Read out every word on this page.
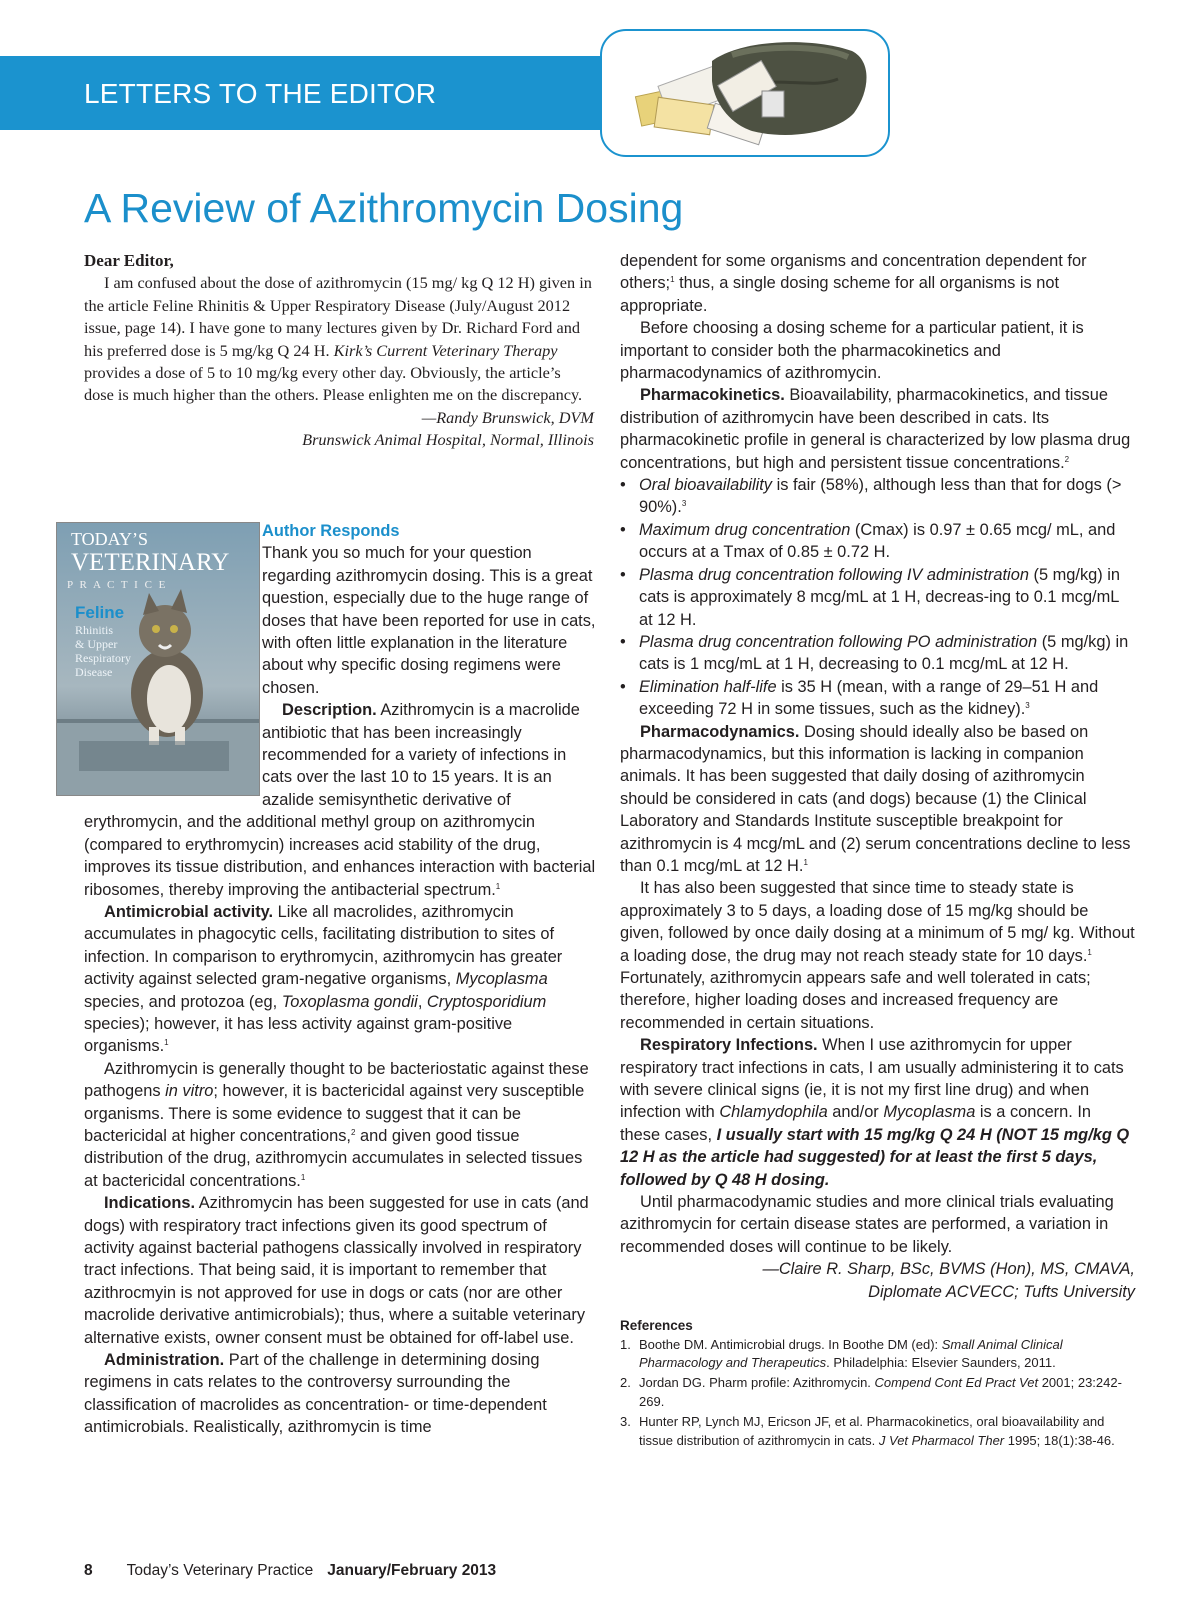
LETTERS TO THE EDITOR
A Review of Azithromycin Dosing

Dear Editor,

I am confused about the dose of azithromycin (15 mg/ kg Q 12 H) given in the article Feline Rhinitis & Upper Respiratory Disease (July/August 2012 issue, page 14). I have gone to many lectures given by Dr. Richard Ford and his preferred dose is 5 mg/kg Q 24 H. Kirk’s Current Veterinary Therapy provides a dose of 5 to 10 mg/kg every other day. Obviously, the article’s dose is much higher than the others. Please enlighten me on the discrepancy.

—Randy Brunswick, DVM

Brunswick Animal Hospital, Normal, Illinois

TODAY’S
VETERINARY
P R A C T I C E
Feline
Rhinitis
& Upper
Respiratory
Disease

Author Responds

Thank you so much for your question regarding azithromycin dosing. This is a great question, especially due to the huge range of doses that have been reported for use in cats, with often little explanation in the literature about why specific dosing regimens were chosen.

Description. Azithromycin is a macrolide antibiotic that has been increasingly recommended for a variety of infections in cats over the last 10 to 15 years. It is an azalide semisynthetic derivative of erythromycin, and the additional methyl group on azithromycin (compared to erythromycin) increases acid stability of the drug, improves its tissue distribution, and enhances interaction with bacterial ribosomes, thereby improving the antibacterial spectrum.$^1$

Antimicrobial activity. Like all macrolides, azithromycin accumulates in phagocytic cells, facilitating distribution to sites of infection. In comparison to erythromycin, azithromycin has greater activity against selected gram-negative organisms, Mycoplasma species, and protozoa (eg, Toxoplasma gondii, Cryptosporidium species); however, it has less activity against gram-positive organisms.$^1$

Azithromycin is generally thought to be bacteriostatic against these pathogens in vitro; however, it is bactericidal against very susceptible organisms. There is some evidence to suggest that it can be bactericidal at higher concentrations,$^2$ and given good tissue distribution of the drug, azithromycin accumulates in selected tissues at bactericidal concentrations.$^1$

Indications. Azithromycin has been suggested for use in cats (and dogs) with respiratory tract infections given its good spectrum of activity against bacterial pathogens classically involved in respiratory tract infections. That being said, it is important to remember that azithrocmyin is not approved for use in dogs or cats (nor are other macrolide derivative antimicrobials); thus, where a suitable veterinary alternative exists, owner consent must be obtained for off-label use.

Administration. Part of the challenge in determining dosing regimens in cats relates to the controversy surrounding the classification of macrolides as concentration- or time-dependent antimicrobials. Realistically, azithromycin is time

dependent for some organisms and concentration dependent for others;$^1$ thus, a single dosing scheme for all organisms is not appropriate.

Before choosing a dosing scheme for a particular patient, it is important to consider both the pharmacokinetics and pharmacodynamics of azithromycin.

Pharmacokinetics. Bioavailability, pharmacokinetics, and tissue distribution of azithromycin have been described in cats. Its pharmacokinetic profile in general is characterized by low plasma drug concentrations, but high and persistent tissue concentrations.$^2$

• Oral bioavailability is fair (58%), although less than that for dogs (> 90%).$^3$
• Maximum drug concentration (Cmax) is 0.97 ± 0.65 mcg/ mL, and occurs at a Tmax of 0.85 ± 0.72 H.
• Plasma drug concentration following IV administration (5 mg/kg) in cats is approximately 8 mcg/mL at 1 H, decreas-ing to 0.1 mcg/mL at 12 H.
• Plasma drug concentration following PO administration (5 mg/kg) in cats is 1 mcg/mL at 1 H, decreasing to 0.1 mcg/mL at 12 H.
• Elimination half-life is 35 H (mean, with a range of 29–51 H and exceeding 72 H in some tissues, such as the kidney).$^3$

Pharmacodynamics. Dosing should ideally also be based on pharmacodynamics, but this information is lacking in companion animals. It has been suggested that daily dosing of azithromycin should be considered in cats (and dogs) because (1) the Clinical Laboratory and Standards Institute susceptible breakpoint for azithromycin is 4 mcg/mL and (2) serum concentrations decline to less than 0.1 mcg/mL at 12 H.$^1$

It has also been suggested that since time to steady state is approximately 3 to 5 days, a loading dose of 15 mg/kg should be given, followed by once daily dosing at a minimum of 5 mg/ kg. Without a loading dose, the drug may not reach steady state for 10 days.$^1$ Fortunately, azithromycin appears safe and well tolerated in cats; therefore, higher loading doses and increased frequency are recommended in certain situations.

Respiratory Infections. When I use azithromycin for upper respiratory tract infections in cats, I am usually administering it to cats with severe clinical signs (ie, it is not my first line drug) and when infection with Chlamydophila and/or Mycoplasma is a concern. In these cases, I usually start with 15 mg/kg Q 24 H (NOT 15 mg/kg Q 12 H as the article had suggested) for at least the first 5 days, followed by Q 48 H dosing.

Until pharmacodynamic studies and more clinical trials evaluating azithromycin for certain disease states are performed, a variation in recommended doses will continue to be likely.

—Claire R. Sharp, BSc, BVMS (Hon), MS, CMAVA,

Diplomate ACVECC; Tufts University

References
1. Boothe DM. Antimicrobial drugs. In Boothe DM (ed): Small Animal Clinical Pharmacology and Therapeutics. Philadelphia: Elsevier Saunders, 2011.
2. Jordan DG. Pharm profile: Azithromycin. Compend Cont Ed Pract Vet 2001; 23:242-269.
3. Hunter RP, Lynch MJ, Ericson JF, et al. Pharmacokinetics, oral bioavailability and tissue distribution of azithromycin in cats. J Vet Pharmacol Ther 1995; 18(1):38-46.
8 Today’s Veterinary Practice January/February 2013
